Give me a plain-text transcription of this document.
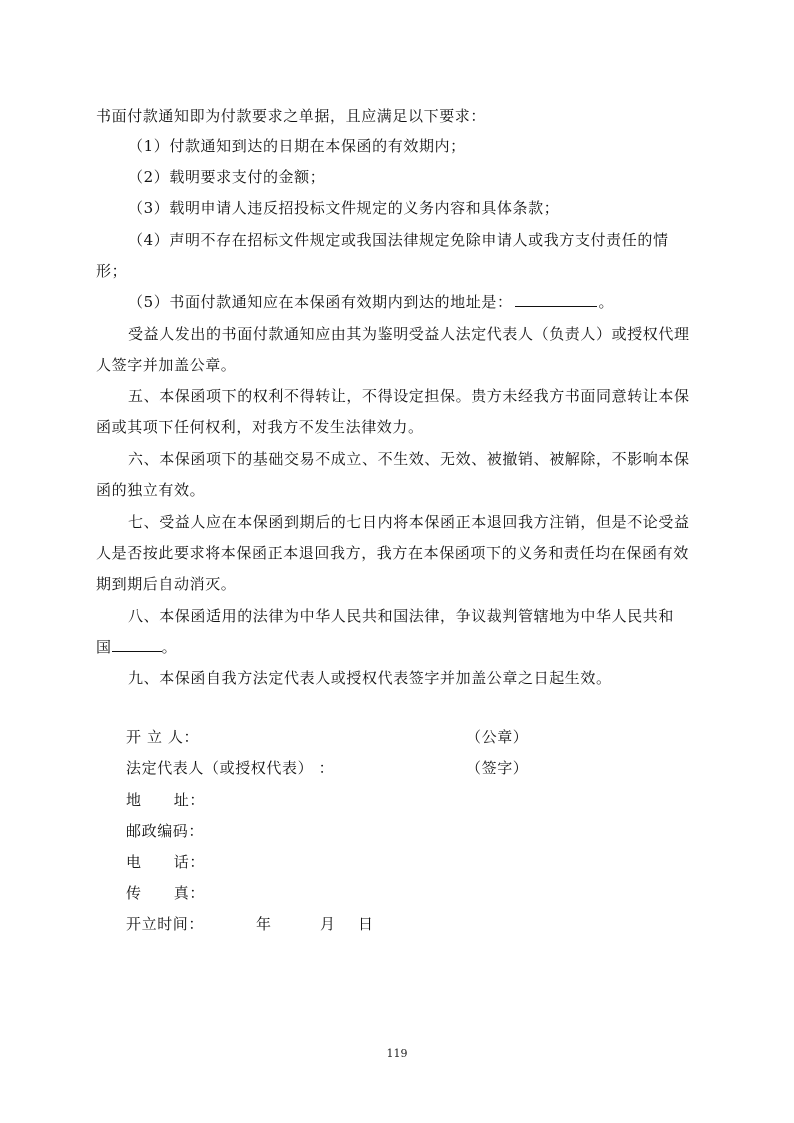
书面付款通知即为付款要求之单据，且应满足以下要求：
（1）付款通知到达的日期在本保函的有效期内；
（2）载明要求支付的金额；
（3）载明申请人违反招投标文件规定的义务内容和具体条款；
（4）声明不存在招标文件规定或我国法律规定免除申请人或我方支付责任的情
形；
（5）书面付款通知应在本保函有效期内到达的地址是：	。
受益人发出的书面付款通知应由其为鉴明受益人法定代表人（负责人）或授权代理
人签字并加盖公章。
五、本保函项下的权利不得转让，不得设定担保。贵方未经我方书面同意转让本保
函或其项下任何权利，对我方不发生法律效力。
六、本保函项下的基础交易不成立、不生效、无效、被撤销、被解除，不影响本保
函的独立有效。
七、受益人应在本保函到期后的七日内将本保函正本退回我方注销，但是不论受益
人是否按此要求将本保函正本退回我方，我方在本保函项下的义务和责任均在保函有效
期到期后自动消灭。
八、本保函适用的法律为中华人民共和国法律，争议裁判管辖地为中华人民共和
国	。
九、本保函自我方法定代表人或授权代表签字并加盖公章之日起生效。
开 立 人：	（公章）
法定代表人（或授权代表） ：	（签字）
地      址：
邮政编码：
电      话：
传      真：
开立时间：	年	月 日
119
